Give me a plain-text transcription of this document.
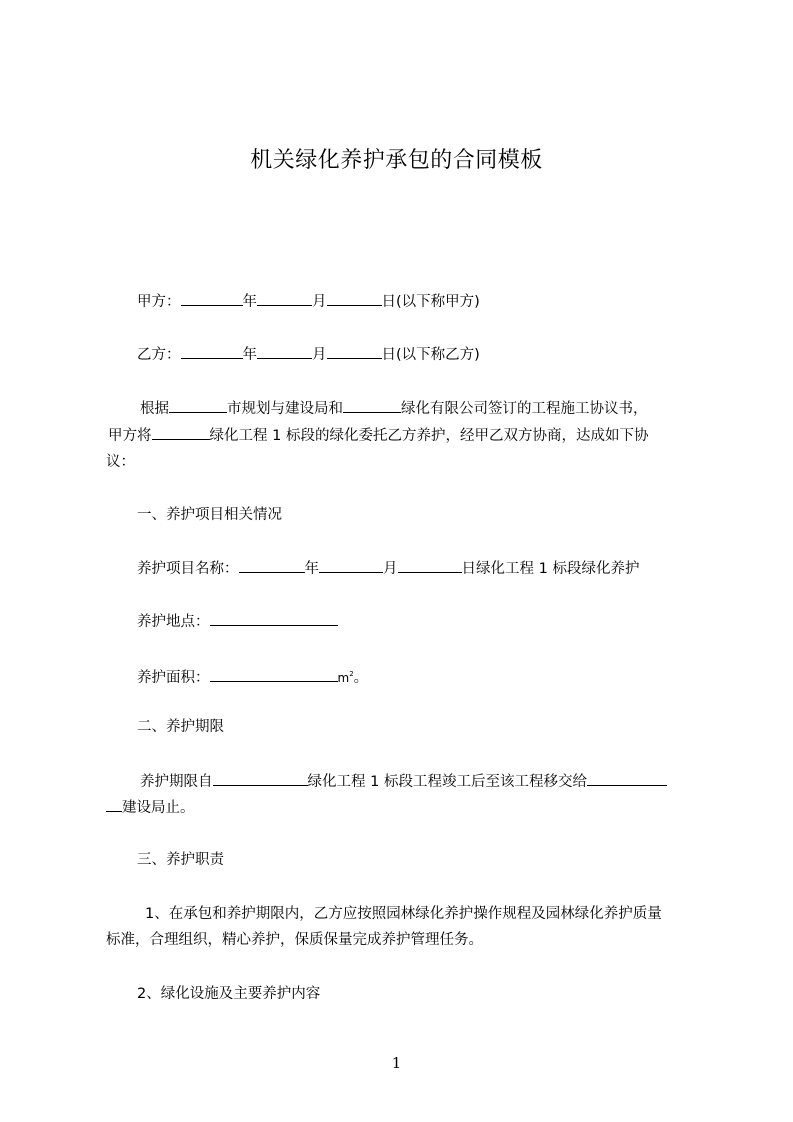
机关绿化养护承包的合同模板
甲方：	年	月	日(以下称甲方)
乙方：	年	月	日(以下称乙方)
根据	市规划与建设局和	绿化有限公司签订的工程施工协议书，
甲方将	绿化工程 1 标段的绿化委托乙方养护，经甲乙双方协商，达成如下协
议：
一、养护项目相关情况
养护项目名称：	年	月	日绿化工程 1 标段绿化养护
养护地点：
养护面积：	$m^2$。
二、养护期限
养护期限自	绿化工程 1 标段工程竣工后至该工程移交给
建设局止。
三、养护职责
1、在承包和养护期限内，乙方应按照园林绿化养护操作规程及园林绿化养护质量
标准，合理组织，精心养护，保质保量完成养护管理任务。
2、绿化设施及主要养护内容
1
